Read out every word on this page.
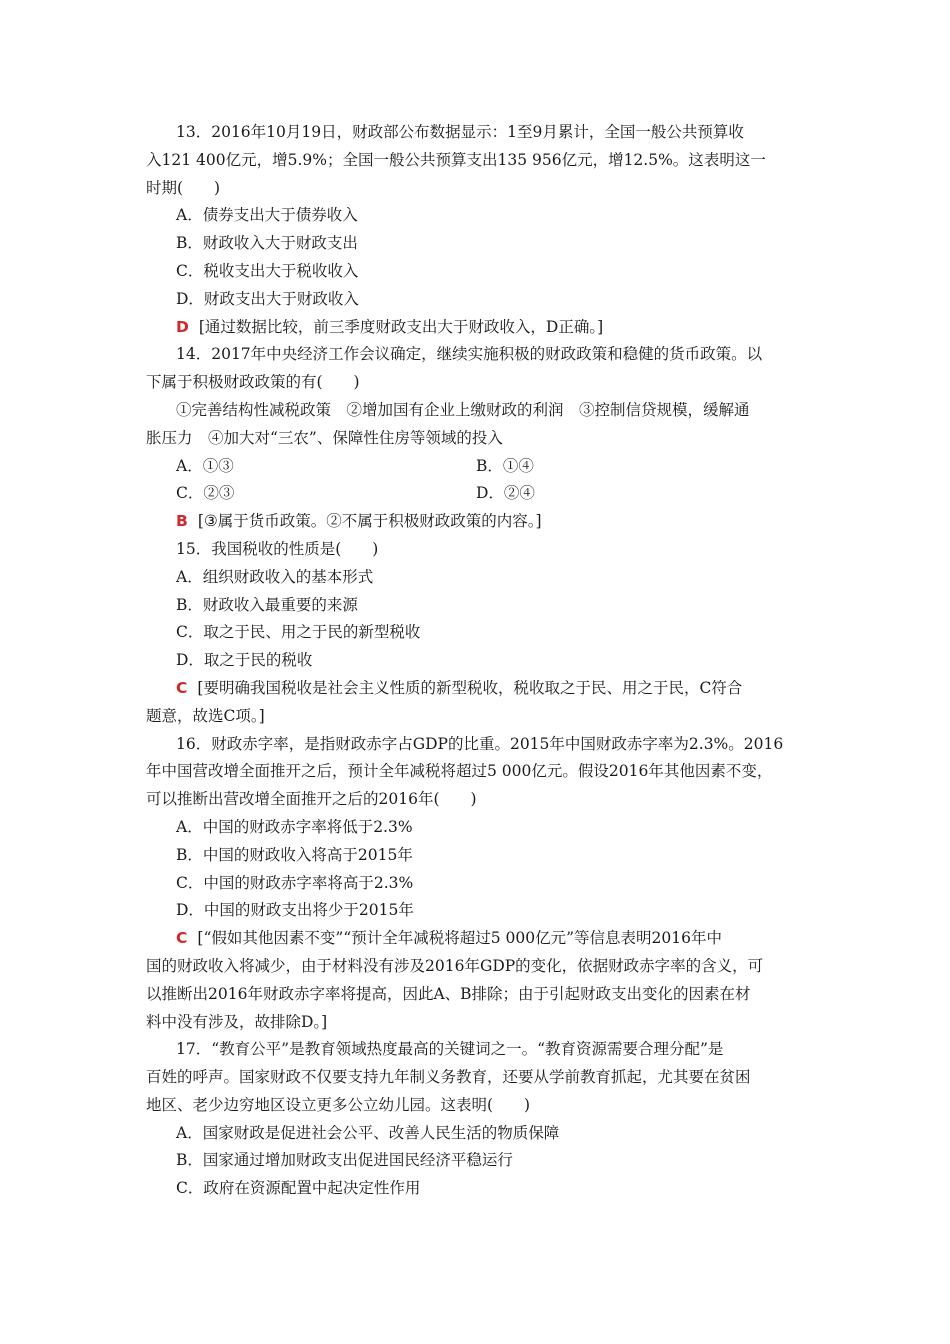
13．2016年10月19日，财政部公布数据显示：1至9月累计，全国一般公共预算收
入121 400亿元，增5.9%；全国一般公共预算支出135 956亿元，增12.5%。这表明这一
时期(　　)
A．债券支出大于债券收入
B．财政收入大于财政支出
C．税收支出大于税收收入
D．财政支出大于财政收入
D [通过数据比较，前三季度财政支出大于财政收入，D正确。]
14．2017年中央经济工作会议确定，继续实施积极的财政政策和稳健的货币政策。以
下属于积极财政政策的有(　　)
①完善结构性减税政策　②增加国有企业上缴财政的利润　③控制信贷规模，缓解通
胀压力　④加大对“三农”、保障性住房等领域的投入
A．①③	B．①④
C．②③	D．②④
B [③属于货币政策。②不属于积极财政政策的内容。]
15．我国税收的性质是(　　)
A．组织财政收入的基本形式
B．财政收入最重要的来源
C．取之于民、用之于民的新型税收
D．取之于民的税收
C [要明确我国税收是社会主义性质的新型税收，税收取之于民、用之于民，C符合
题意，故选C项。]
16．财政赤字率，是指财政赤字占GDP的比重。2015年中国财政赤字率为2.3%。2016
年中国营改增全面推开之后，预计全年减税将超过5 000亿元。假设2016年其他因素不变，
可以推断出营改增全面推开之后的2016年(　　)
A．中国的财政赤字率将低于2.3%
B．中国的财政收入将高于2015年
C．中国的财政赤字率将高于2.3%
D．中国的财政支出将少于2015年
C [“假如其他因素不变”“预计全年减税将超过5 000亿元”等信息表明2016年中
国的财政收入将减少，由于材料没有涉及2016年GDP的变化，依据财政赤字率的含义，可
以推断出2016年财政赤字率将提高，因此A、B排除；由于引起财政支出变化的因素在材
料中没有涉及，故排除D。]
17．“教育公平”是教育领域热度最高的关键词之一。“教育资源需要合理分配”是
百姓的呼声。国家财政不仅要支持九年制义务教育，还要从学前教育抓起，尤其要在贫困
地区、老少边穷地区设立更多公立幼儿园。这表明(　　)
A．国家财政是促进社会公平、改善人民生活的物质保障
B．国家通过增加财政支出促进国民经济平稳运行
C．政府在资源配置中起决定性作用
